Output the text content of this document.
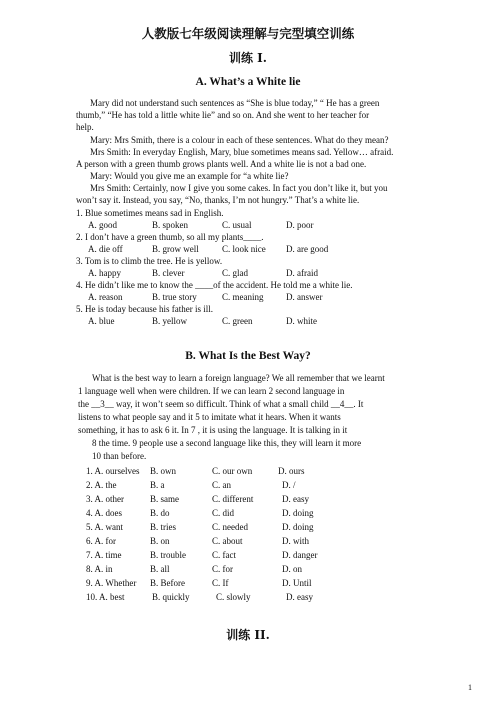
人教版七年级阅读理解与完型填空训练
训练 I.
A. What’s a White lie
Mary did not understand such sentences as “She is blue today,” “ He has a green
thumb,” “He has told a little white lie” and so on. And she went to her teacher for
help.
Mary: Mrs Smith, there is a colour in each of these sentences. What do they mean?
Mrs Smith: In everyday English, Mary, blue sometimes means sad. Yellow… afraid.
A person with a green thumb grows plants well. And a white lie is not a bad one.
Mary: Would you give me an example for “a white lie?
Mrs Smith: Certainly, now I give you some cakes. In fact you don’t like it, but you
won’t say it. Instead, you say, “No, thanks, I’m not hungry.” That’s a white lie.
1. Blue sometimes means sad in English.
A. good	B. spoken	C. usual	D. poor
2. I don’t have a green thumb, so all my plants____.
A. die off	B. grow well	C. look nice D. are good
3. Tom is to climb the tree. He is yellow.
A. happy	B. clever	C. glad	D. afraid
4. He didn’t like me to know the ____of the accident. He told me a white lie.
A. reason	B. true story	C. meaning	D. answer
5. He is today because his father is ill.
A. blue	B. yellow	C. green	D. white
B. What Is the Best Way?
What is the best way to learn a foreign language? We all remember that we learnt
1 language well when were children. If we can learn 2 second language in
the __3__ way, it won’t seem so difficult. Think of what a small child __4__. It
listens to what people say and it 5 to imitate what it hears. When it wants
something, it has to ask 6 it. In 7 , it is using the language. It is talking in it
8 the time. 9 people use a second language like this, they will learn it more
10 than before.
1. A. ourselves B. own	C. our own	D. ours
2. A. the	B. a	C. an	D. /
3. A. other	B. same	C. different	D. easy
4. A. does	B. do	C. did	D. doing
5. A. want	B. tries	C. needed	D. doing
6. A. for	B. on	C. about	D. with
7. A. time	B. trouble	C. fact	D. danger
8. A. in	B. all	C. for	D. on
9. A. Whether B. Before	C. If	D. Until
10. A. best	B. quickly	C. slowly	D. easy
训练 II.
1
